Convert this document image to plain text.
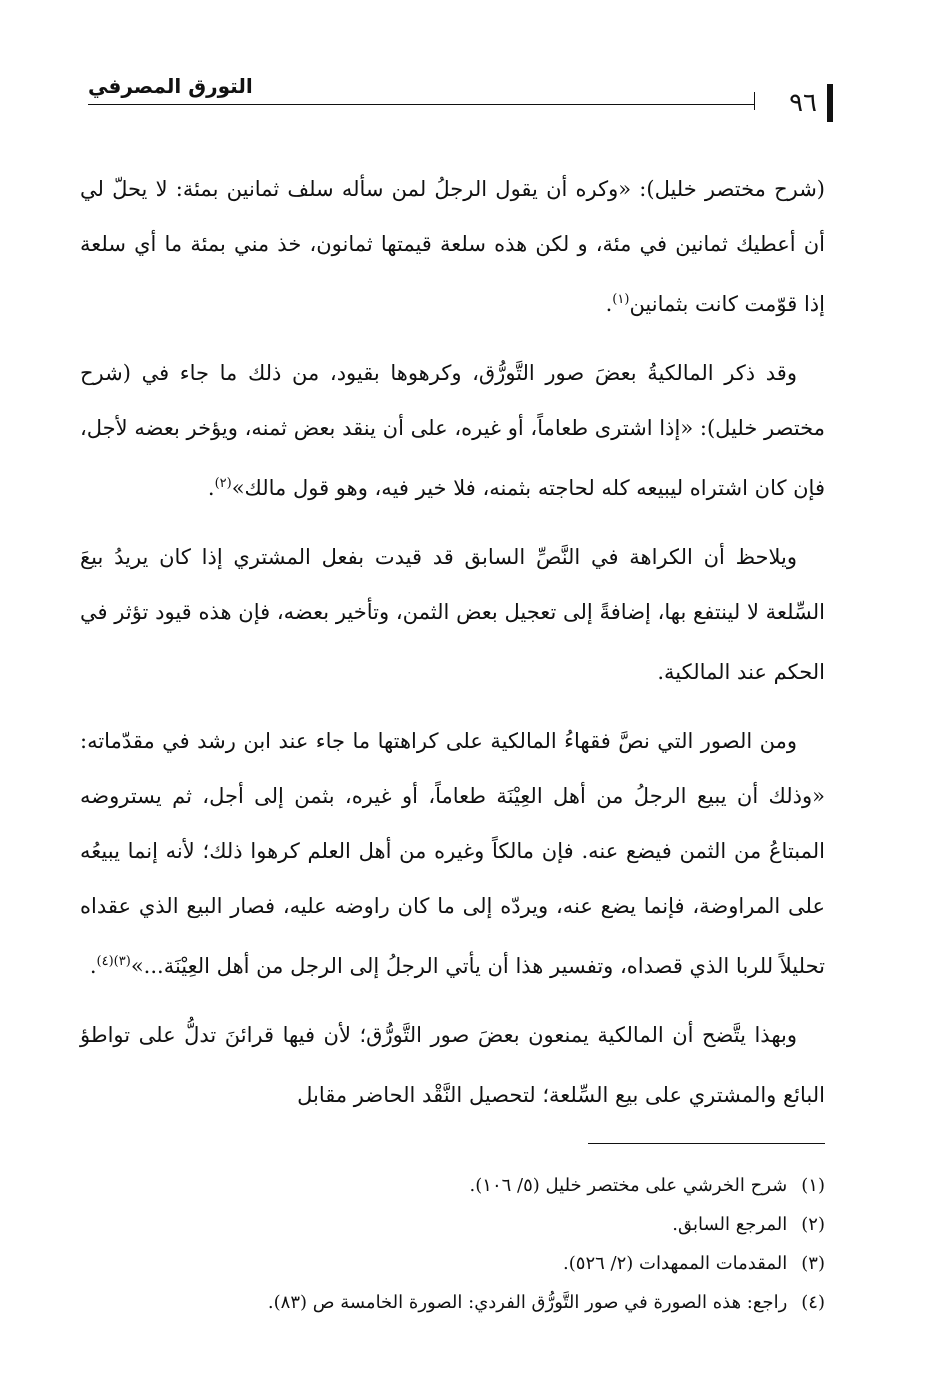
التورق المصرفي
٩٦

(شرح مختصر خليل): «وكره أن يقول الرجلُ لمن سأله سلف ثمانين بمئة: لا يحلّ لي أن أعطيك ثمانين في مئة، و لكن هذه سلعة قيمتها ثمانون، خذ مني بمئة ما أي سلعة إذا قوّمت كانت بثمانين$^{(١)}$.

وقد ذكر المالكيةُ بعضَ صور التَّورُّق، وكرهوها بقيود، من ذلك ما جاء في (شرح مختصر خليل): «إذا اشترى طعاماً، أو غيره، على أن ينقد بعض ثمنه، ويؤخر بعضه لأجل، فإن كان اشتراه ليبيعه كله لحاجته بثمنه، فلا خير فيه، وهو قول مالك»$^{(٢)}$.

ويلاحظ أن الكراهة في النَّصِّ السابق قد قيدت بفعل المشتري إذا كان يريدُ بيعَ السِّلعة لا لينتفع بها، إضافةً إلى تعجيل بعض الثمن، وتأخير بعضه، فإن هذه قيود تؤثر في الحكم عند المالكية.

ومن الصور التي نصَّ فقهاءُ المالكية على كراهتها ما جاء عند ابن رشد في مقدّماته: «وذلك أن يبيع الرجلُ من أهل العِيْنَة طعاماً، أو غيره، بثمن إلى أجل، ثم يستروضه المبتاعُ من الثمن فيضع عنه. فإن مالكاً وغيره من أهل العلم كرهوا ذلك؛ لأنه إنما يبيعُه على المراوضة، فإنما يضع عنه، ويردّه إلى ما كان راوضه عليه، فصار البيع الذي عقداه تحليلاً للربا الذي قصداه، وتفسير هذا أن يأتي الرجلُ إلى الرجل من أهل العِيْنَة...»$^{(٣)(٤)}$.

وبهذا يتَّضح أن المالكية يمنعون بعضَ صور التَّورُّق؛ لأن فيها قرائنَ تدلُّ على تواطؤ البائع والمشتري على بيع السِّلعة؛ لتحصيل النَّقْد الحاضر مقابل

(١)
شرح الخرشي على مختصر خليل (٥/ ١٠٦).
(٢)
المرجع السابق.
(٣)
المقدمات الممهدات (٢/ ٥٢٦).
(٤)
راجع: هذه الصورة في صور التَّورُّق الفردي: الصورة الخامسة ص (٨٣).
